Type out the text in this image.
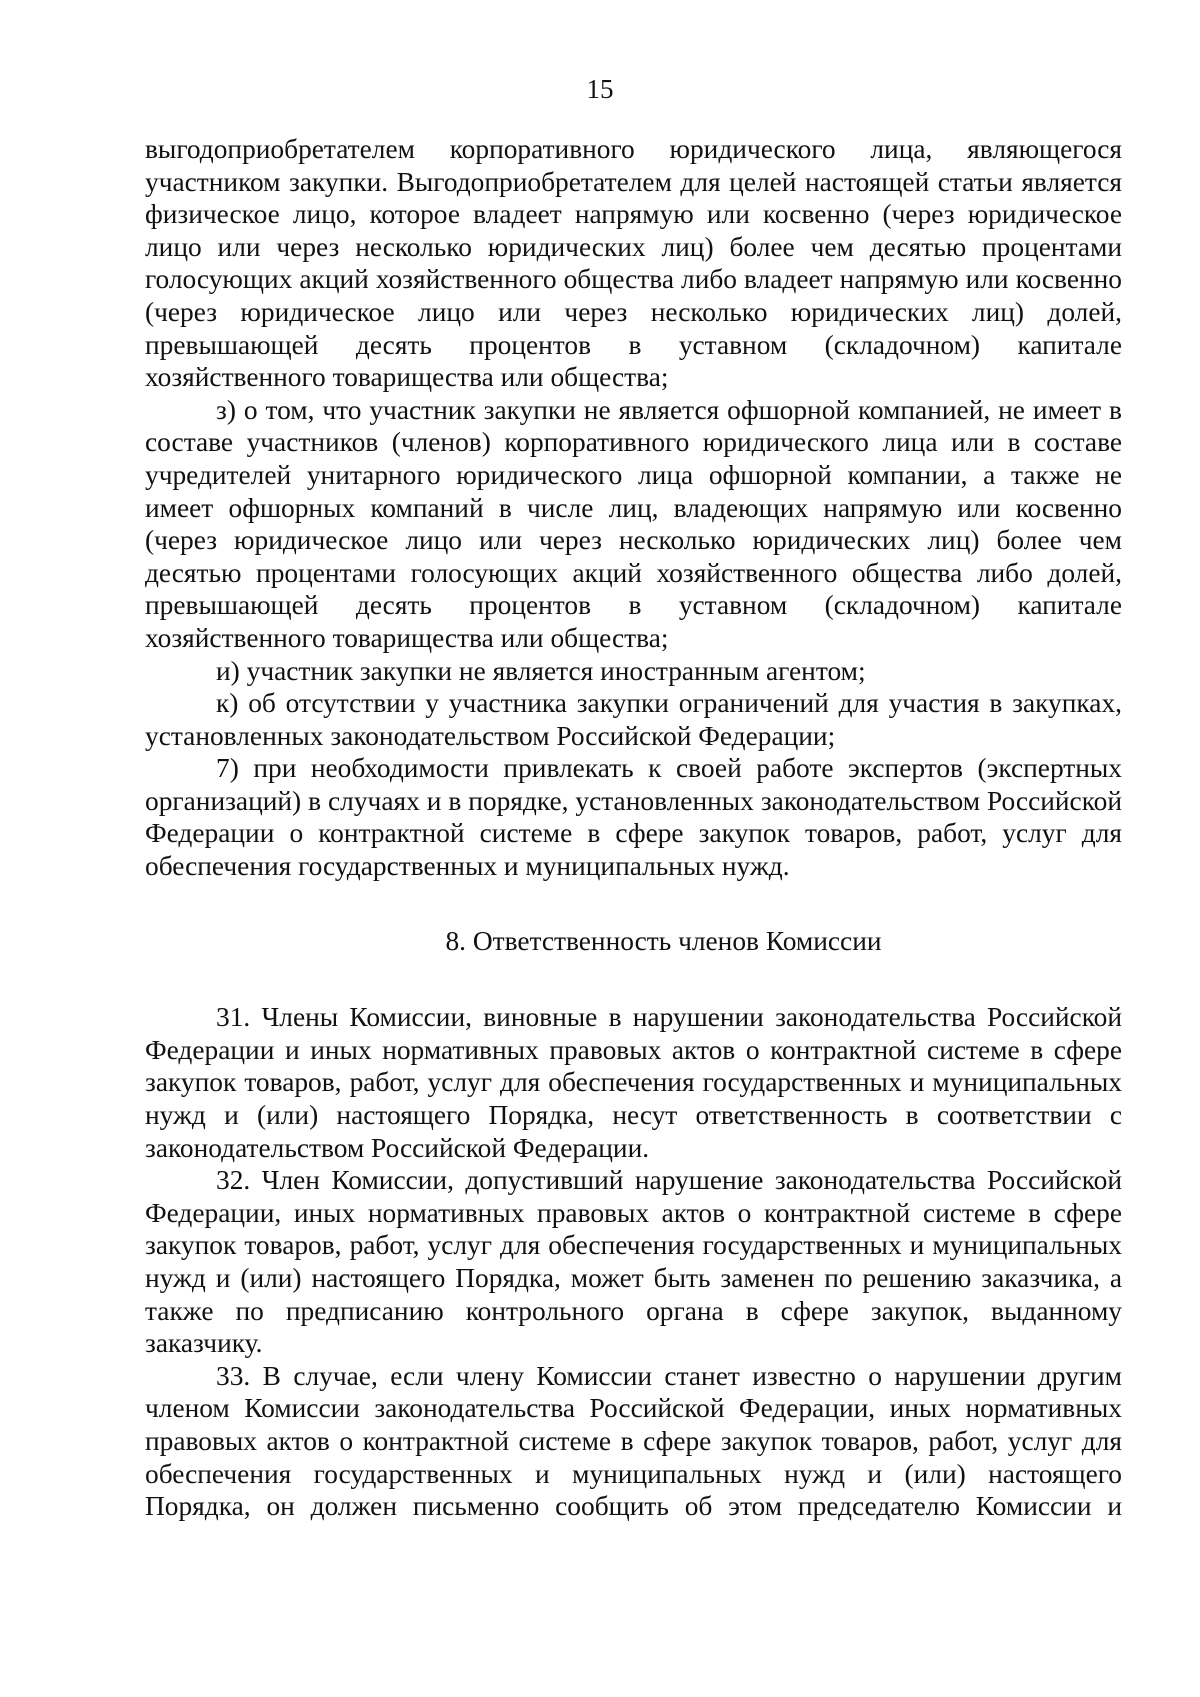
15

выгодоприобретателем корпоративного юридического лица, являющегося участником закупки. Выгодоприобретателем для целей настоящей статьи является физическое лицо, которое владеет напрямую или косвенно (через юридическое лицо или через несколько юридических лиц) более чем десятью процентами голосующих акций хозяйственного общества либо владеет напрямую или косвенно (через юридическое лицо или через несколько юридических лиц) долей, превышающей десять процентов в уставном (складочном) капитале хозяйственного товарищества или общества;

з) о том, что участник закупки не является офшорной компанией, не имеет в составе участников (членов) корпоративного юридического лица или в составе учредителей унитарного юридического лица офшорной компании, а также не имеет офшорных компаний в числе лиц, владеющих напрямую или косвенно (через юридическое лицо или через несколько юридических лиц) более чем десятью процентами голосующих акций хозяйственного общества либо долей, превышающей десять процентов в уставном (складочном) капитале хозяйственного товарищества или общества;

и) участник закупки не является иностранным агентом;

к) об отсутствии у участника закупки ограничений для участия в закупках, установленных законодательством Российской Федерации;

7) при необходимости привлекать к своей работе экспертов (экспертных организаций) в случаях и в порядке, установленных законодательством Российской Федерации о контрактной системе в сфере закупок товаров, работ, услуг для обеспечения государственных и муниципальных нужд.

8. Ответственность членов Комиссии

31. Члены Комиссии, виновные в нарушении законодательства Российской Федерации и иных нормативных правовых актов о контрактной системе в сфере закупок товаров, работ, услуг для обеспечения государственных и муниципальных нужд и (или) настоящего Порядка, несут ответственность в соответствии с законодательством Российской Федерации.

32. Член Комиссии, допустивший нарушение законодательства Российской Федерации, иных нормативных правовых актов о контрактной системе в сфере закупок товаров, работ, услуг для обеспечения государственных и муниципальных нужд и (или) настоящего Порядка, может быть заменен по решению заказчика, а также по предписанию контрольного органа в сфере закупок, выданному заказчику.

33. В случае, если члену Комиссии станет известно о нарушении другим членом Комиссии законодательства Российской Федерации, иных нормативных правовых актов о контрактной системе в сфере закупок товаров, работ, услуг для обеспечения государственных и муниципальных нужд и (или) настоящего Порядка, он должен письменно сообщить об этом председателю Комиссии и
